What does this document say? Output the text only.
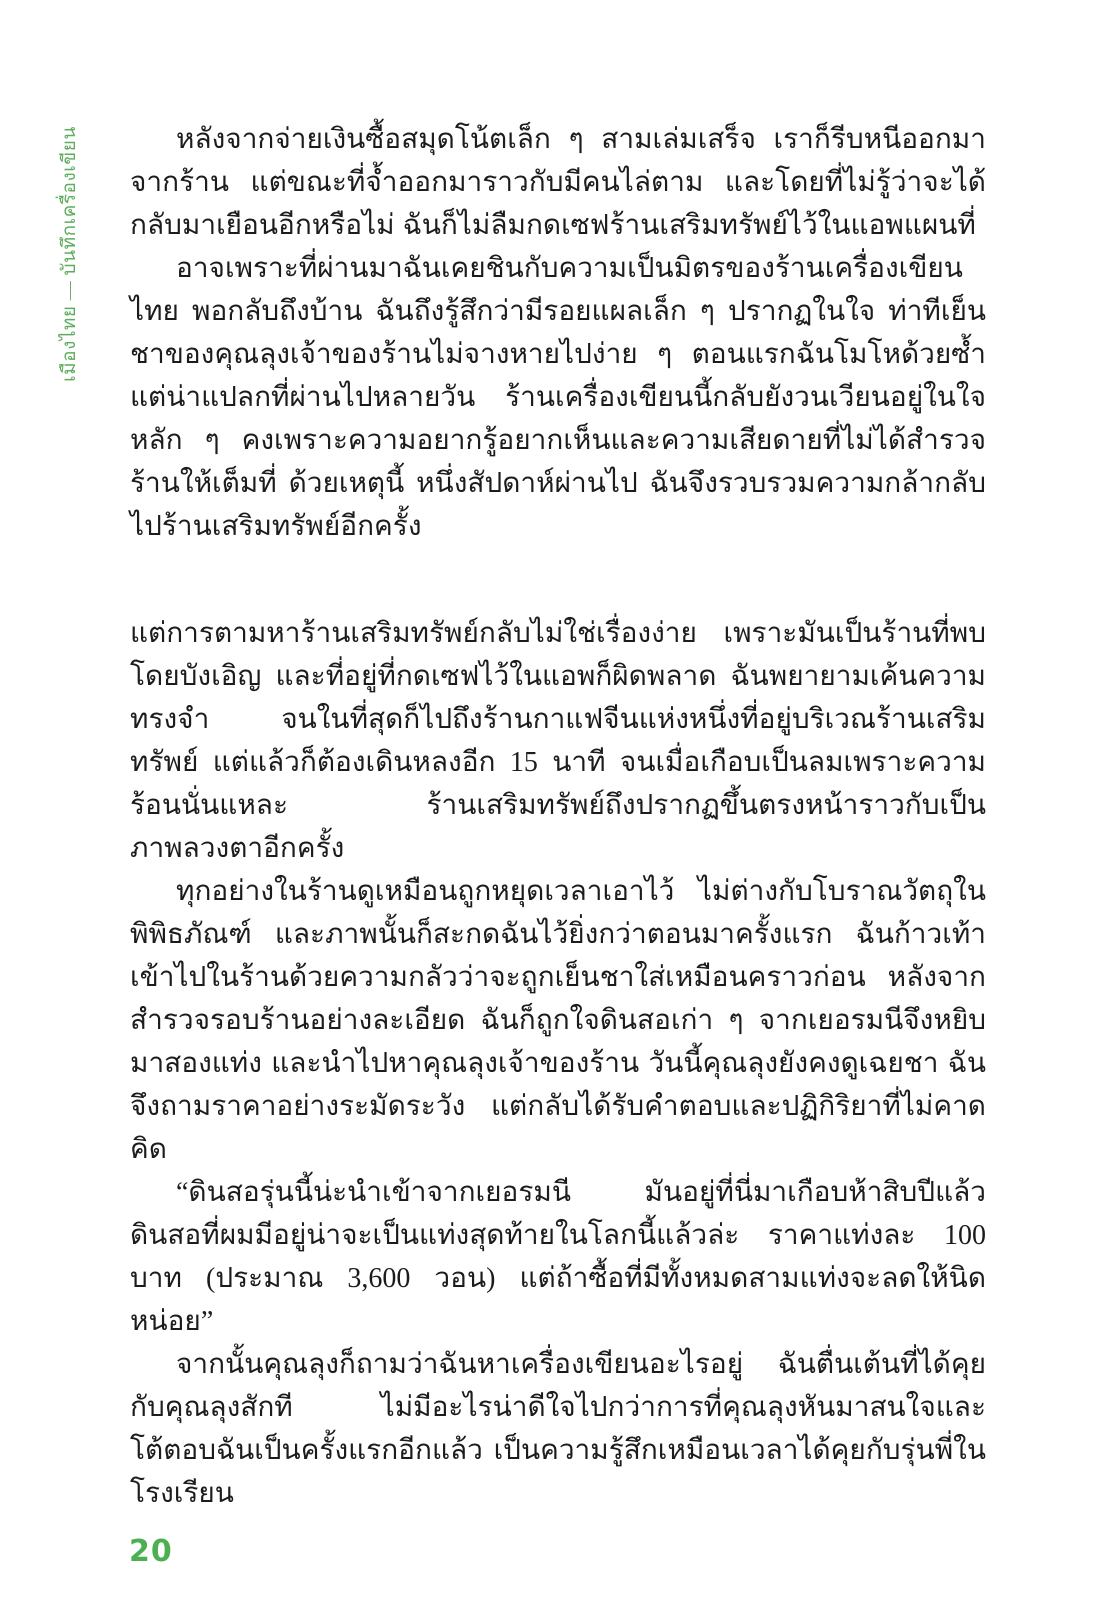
เมืองไทย — บันทึกเครื่องเขียน	หลังจากจ่ายเงินซื้อสมุดโน้ตเล็ก ๆ สามเล่มเสร็จ เราก็รีบหนีออกมาจากร้าน แต่ขณะที่จ้ำออกมาราวกับมีคนไล่ตาม และโดยที่ไม่รู้ว่าจะได้กลับมาเยือนอีกหรือไม่ ฉันก็ไม่ลืมกดเซฟร้านเสริมทรัพย์ไว้ในแอพแผนที่

อาจเพราะที่ผ่านมาฉันเคยชินกับความเป็นมิตรของร้านเครื่องเขียนไทย พอกลับถึงบ้าน ฉันถึงรู้สึกว่ามีรอยแผลเล็ก ๆ ปรากฏในใจ ท่าทีเย็นชาของคุณลุงเจ้าของร้านไม่จางหายไปง่าย ๆ ตอนแรกฉันโมโหด้วยซ้ำ แต่น่าแปลกที่ผ่านไปหลายวัน ร้านเครื่องเขียนนี้กลับยังวนเวียนอยู่ในใจ หลัก ๆ คงเพราะความอยากรู้อยากเห็นและความเสียดายที่ไม่ได้สำรวจร้านให้เต็มที่ ด้วยเหตุนี้ หนึ่งสัปดาห์ผ่านไป ฉันจึงรวบรวมความกล้ากลับไปร้านเสริมทรัพย์อีกครั้ง

แต่การตามหาร้านเสริมทรัพย์กลับไม่ใช่เรื่องง่าย เพราะมันเป็นร้านที่พบโดยบังเอิญ และที่อยู่ที่กดเซฟไว้ในแอพก็ผิดพลาด ฉันพยายามเค้นความทรงจำ จนในที่สุดก็ไปถึงร้านกาแฟจีนแห่งหนึ่งที่อยู่บริเวณร้านเสริมทรัพย์ แต่แล้วก็ต้องเดินหลงอีก 15 นาที จนเมื่อเกือบเป็นลมเพราะความร้อนนั่นแหละ ร้านเสริมทรัพย์ถึงปรากฏขึ้นตรงหน้าราวกับเป็นภาพลวงตาอีกครั้ง

ทุกอย่างในร้านดูเหมือนถูกหยุดเวลาเอาไว้ ไม่ต่างกับโบราณวัตถุในพิพิธภัณฑ์ และภาพนั้นก็สะกดฉันไว้ยิ่งกว่าตอนมาครั้งแรก ฉันก้าวเท้าเข้าไปในร้านด้วยความกลัวว่าจะถูกเย็นชาใส่เหมือนคราวก่อน หลังจากสำรวจรอบร้านอย่างละเอียด ฉันก็ถูกใจดินสอเก่า ๆ จากเยอรมนีจึงหยิบมาสองแท่ง และนำไปหาคุณลุงเจ้าของร้าน วันนี้คุณลุงยังคงดูเฉยชา ฉันจึงถามราคาอย่างระมัดระวัง แต่กลับได้รับคำตอบและปฏิกิริยาที่ไม่คาดคิด

“ดินสอรุ่นนี้น่ะนำเข้าจากเยอรมนี มันอยู่ที่นี่มาเกือบห้าสิบปีแล้ว ดินสอที่ผมมีอยู่น่าจะเป็นแท่งสุดท้ายในโลกนี้แล้วล่ะ ราคาแท่งละ 100 บาท (ประมาณ 3,600 วอน) แต่ถ้าซื้อที่มีทั้งหมดสามแท่งจะลดให้นิดหน่อย”

จากนั้นคุณลุงก็ถามว่าฉันหาเครื่องเขียนอะไรอยู่ ฉันตื่นเต้นที่ได้คุยกับคุณลุงสักที ไม่มีอะไรน่าดีใจไปกว่าการที่คุณลุงหันมาสนใจและโต้ตอบฉันเป็นครั้งแรกอีกแล้ว เป็นความรู้สึกเหมือนเวลาได้คุยกับรุ่นพี่ในโรงเรียน

20
